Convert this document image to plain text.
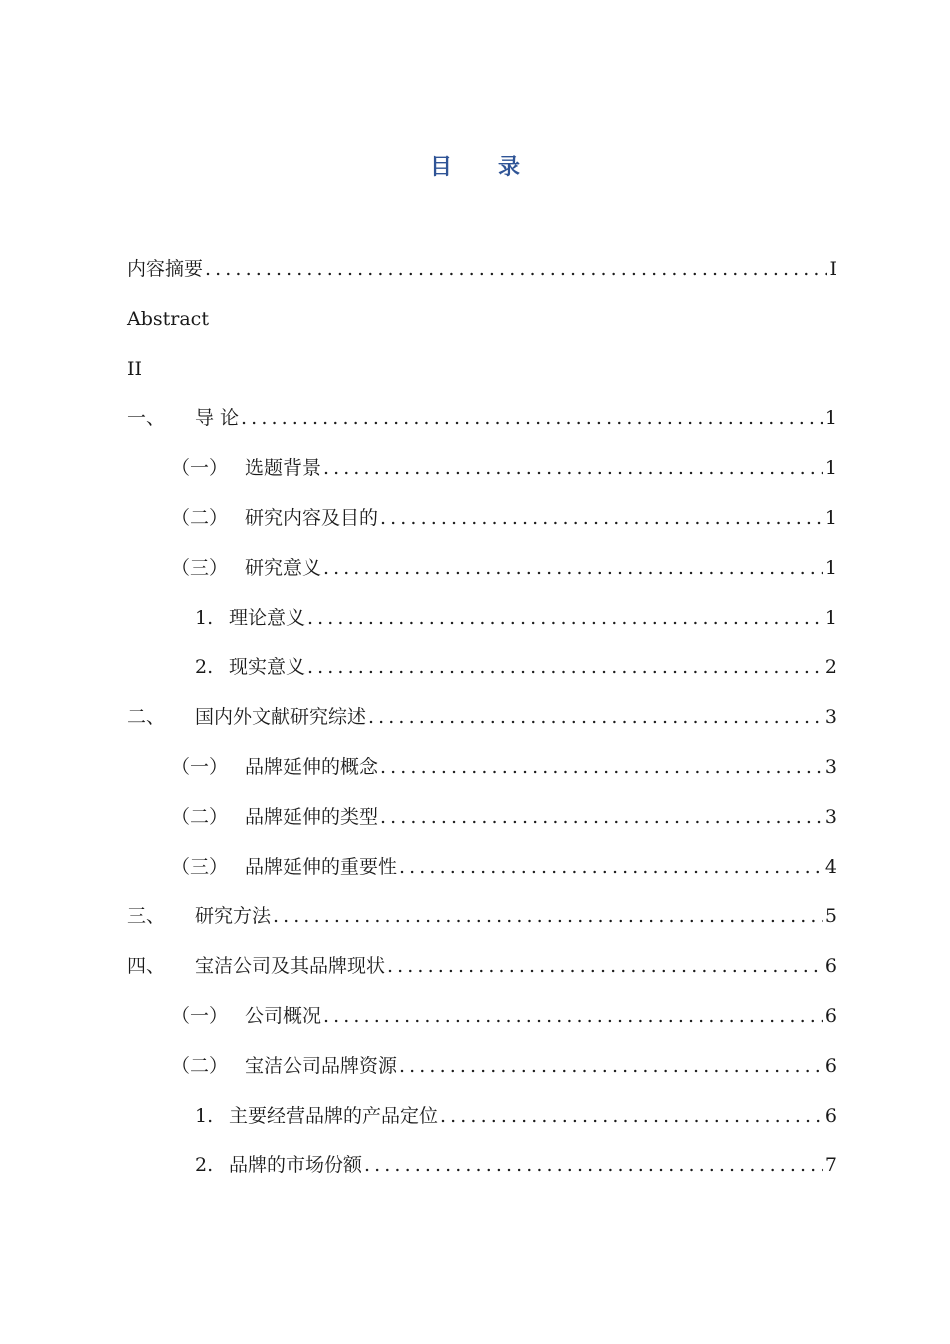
目 录
内容摘要 .....	I
Abstract
II
一、	导 论 .....	1
（一） 选题背景 .....	1
（二） 研究内容及目的 .....	1
（三） 研究意义 .....	1
1. 理论意义 .....	1
2. 现实意义 .....	2
二、	国内外文献研究综述 .....	3
（一） 品牌延伸的概念 .....	3
（二） 品牌延伸的类型 .....	3
（三） 品牌延伸的重要性 .....	4
三、	研究方法 .....	5
四、	宝洁公司及其品牌现状 .....	6
（一） 公司概况 .....	6
（二） 宝洁公司品牌资源 .....	6
1. 主要经营品牌的产品定位 .....	6
2. 品牌的市场份额 .....	7
